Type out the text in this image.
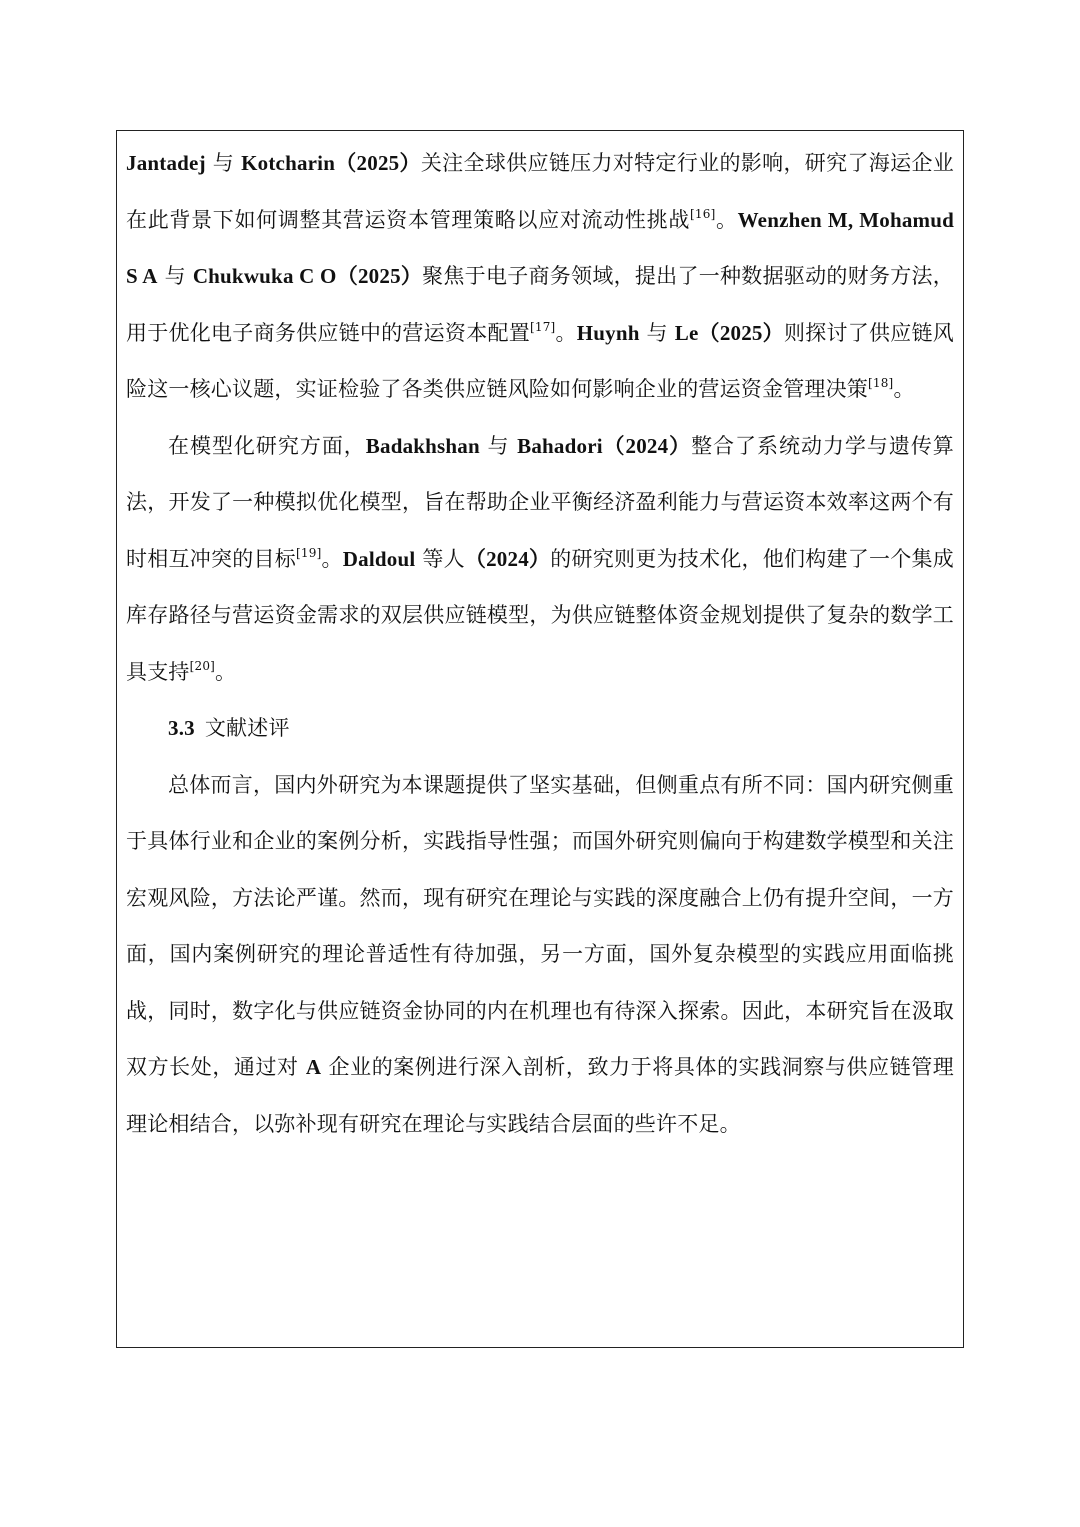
Jantadej 与 Kotcharin（2025）关注全球供应链压力对特定行业的影响，研究了海运企业在此背景下如何调整其营运资本管理策略以应对流动性挑战[16]。Wenzhen M, Mohamud S A 与 Chukwuka C O（2025）聚焦于电子商务领域，提出了一种数据驱动的财务方法，用于优化电子商务供应链中的营运资本配置[17]。Huynh 与 Le（2025）则探讨了供应链风险这一核心议题，实证检验了各类供应链风险如何影响企业的营运资金管理决策[18]。

在模型化研究方面，Badakhshan 与 Bahadori（2024）整合了系统动力学与遗传算法，开发了一种模拟优化模型，旨在帮助企业平衡经济盈利能力与营运资本效率这两个有时相互冲突的目标[19]。Daldoul 等人（2024）的研究则更为技术化，他们构建了一个集成库存路径与营运资金需求的双层供应链模型，为供应链整体资金规划提供了复杂的数学工具支持[20]。

3.3 文献述评

总体而言，国内外研究为本课题提供了坚实基础，但侧重点有所不同：国内研究侧重于具体行业和企业的案例分析，实践指导性强；而国外研究则偏向于构建数学模型和关注宏观风险，方法论严谨。然而，现有研究在理论与实践的深度融合上仍有提升空间，一方面，国内案例研究的理论普适性有待加强，另一方面，国外复杂模型的实践应用面临挑战，同时，数字化与供应链资金协同的内在机理也有待深入探索。因此，本研究旨在汲取双方长处，通过对 A 企业的案例进行深入剖析，致力于将具体的实践洞察与供应链管理理论相结合，以弥补现有研究在理论与实践结合层面的些许不足。
